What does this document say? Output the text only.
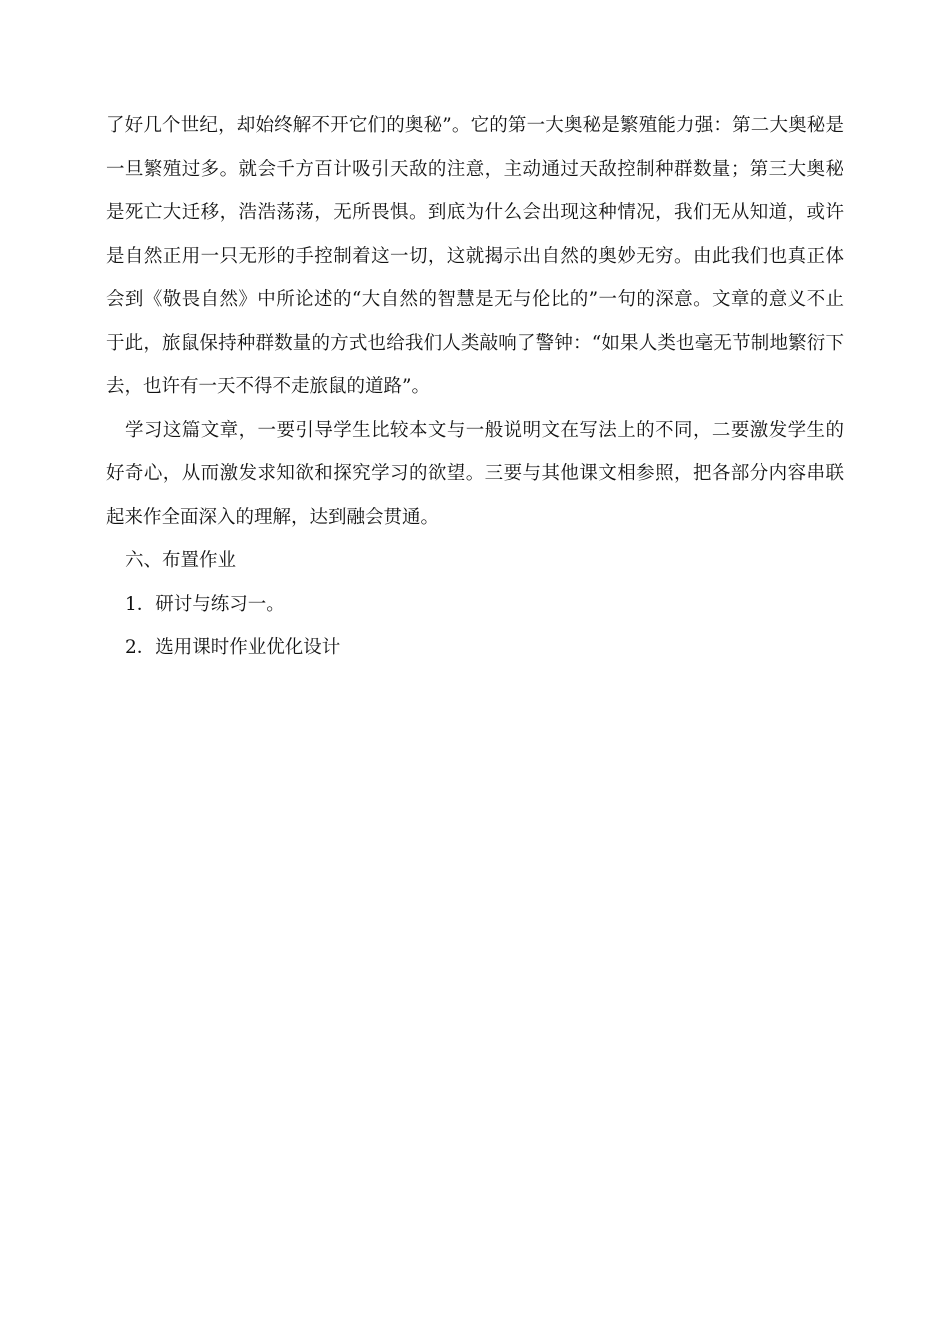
了好几个世纪，却始终解不开它们的奥秘”。它的第一大奥秘是繁殖能力强：第二大奥秘是一旦繁殖过多。就会千方百计吸引天敌的注意，主动通过天敌控制种群数量；第三大奥秘是死亡大迁移，浩浩荡荡，无所畏惧。到底为什么会出现这种情况，我们无从知道，或许是自然正用一只无形的手控制着这一切，这就揭示出自然的奥妙无穷。由此我们也真正体会到《敬畏自然》中所论述的“大自然的智慧是无与伦比的”一句的深意。文章的意义不止于此，旅鼠保持种群数量的方式也给我们人类敲响了警钟：“如果人类也毫无节制地繁衍下去，也许有一天不得不走旅鼠的道路”。

学习这篇文章，一要引导学生比较本文与一般说明文在写法上的不同，二要激发学生的好奇心，从而激发求知欲和探究学习的欲望。三要与其他课文相参照，把各部分内容串联起来作全面深入的理解，达到融会贯通。

六、布置作业

1．研讨与练习一。

2．选用课时作业优化设计
